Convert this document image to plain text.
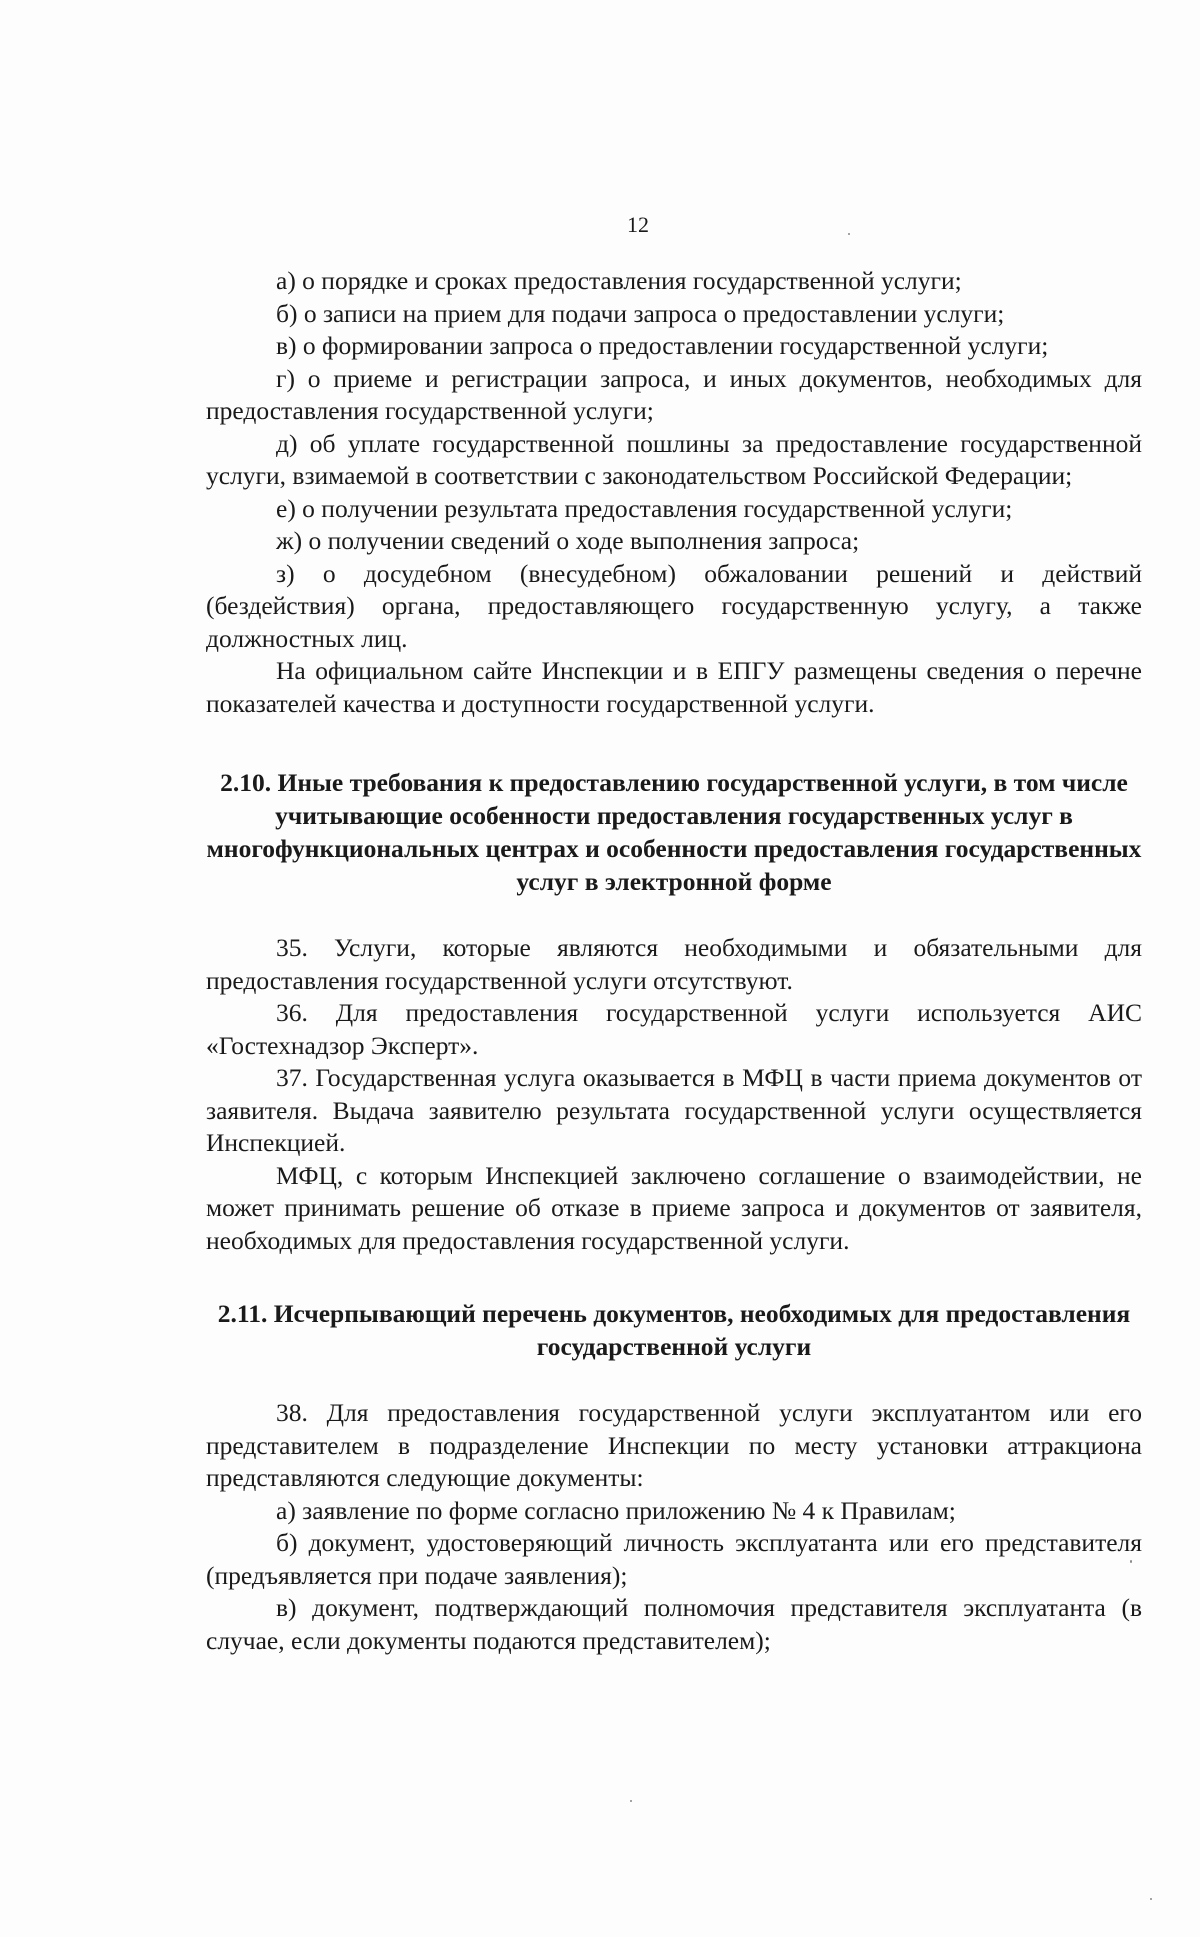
12

а) о порядке и сроках предоставления государственной услуги;

б) о записи на прием для подачи запроса о предоставлении услуги;

в) о формировании запроса о предоставлении государственной услуги;

г) о приеме и регистрации запроса, и иных документов, необходимых для предоставления государственной услуги;

д) об уплате государственной пошлины за предоставление государственной услуги, взимаемой в соответствии с законодательством Российской Федерации;

е) о получении результата предоставления государственной услуги;

ж) о получении сведений о ходе выполнения запроса;

з) о досудебном (внесудебном) обжаловании решений и действий (бездействия) органа, предоставляющего государственную услугу, а также должностных лиц.

На официальном сайте Инспекции и в ЕПГУ размещены сведения о перечне показателей качества и доступности государственной услуги.

2.10. Иные требования к предоставлению государственной услуги, в том числе учитывающие особенности предоставления государственных услуг в многофункциональных центрах и особенности предоставления государственных услуг в электронной форме

35. Услуги, которые являются необходимыми и обязательными для предоставления государственной услуги отсутствуют.

36. Для предоставления государственной услуги используется АИС «Гостехнадзор Эксперт».

37. Государственная услуга оказывается в МФЦ в части приема документов от заявителя. Выдача заявителю результата государственной услуги осуществляется Инспекцией.

МФЦ, с которым Инспекцией заключено соглашение о взаимодействии, не может принимать решение об отказе в приеме запроса и документов от заявителя, необходимых для предоставления государственной услуги.

2.11. Исчерпывающий перечень документов, необходимых для предоставления государственной услуги

38. Для предоставления государственной услуги эксплуатантом или его представителем в подразделение Инспекции по месту установки аттракциона представляются следующие документы:

а) заявление по форме согласно приложению № 4 к Правилам;

б) документ, удостоверяющий личность эксплуатанта или его представителя (предъявляется при подаче заявления);

в) документ, подтверждающий полномочия представителя эксплуатанта (в случае, если документы подаются представителем);
